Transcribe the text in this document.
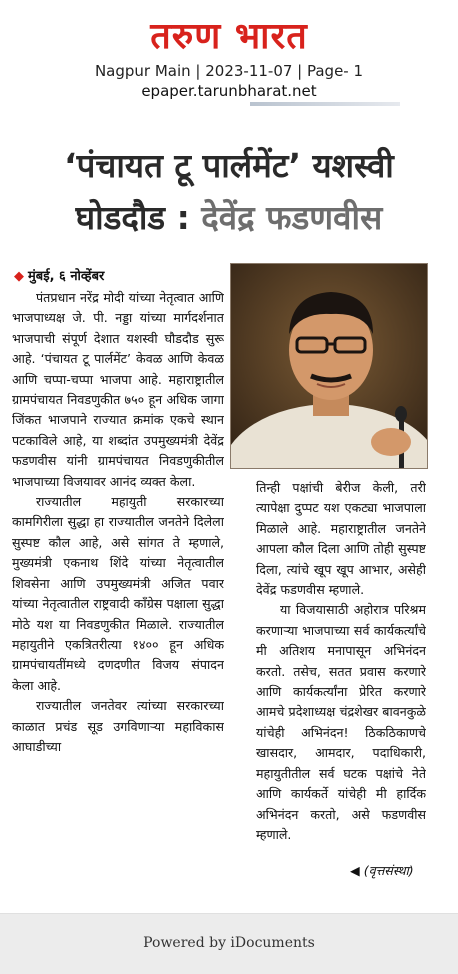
तरुण भारत
Nagpur Main | 2023-11-07 | Page- 1
epaper.tarunbharat.net
‘पंचायत टू पार्लमेंट’ यशस्वी घोडदौड : देवेंद्र फडणवीस
◆ मुंबई, ६ नोव्हेंबर

पंतप्रधान नरेंद्र मोदी यांच्या नेतृत्वात आणि भाजपाध्यक्ष जे. पी. नड्डा यांच्या मार्गदर्शनात भाजपाची संपूर्ण देशात यशस्वी घौडदौड सुरू आहे. ‘पंचायत टू पार्लमेंट’ केवळ आणि केवळ आणि चप्पा-चप्पा भाजपा आहे. महाराष्ट्रातील ग्रामपंचायत निवडणुकीत ७५० हून अधिक जागा जिंकत भाजपाने राज्यात क्रमांक एकचे स्थान पटकाविले आहे, या शब्दांत उपमुख्यमंत्री देवेंद्र फडणवीस यांनी ग्रामपंचायत निवडणुकीतील भाजपाच्या विजयावर आनंद व्यक्त केला.

राज्यातील महायुती सरकारच्या कामगिरीला सुद्धा हा राज्यातील जनतेने दिलेला सुस्पष्ट कौल आहे, असे सांगत ते म्हणाले, मुख्यमंत्री एकनाथ शिंदे यांच्या नेतृत्वातील शिवसेना आणि उपमुख्यमंत्री अजित पवार यांच्या नेतृत्वातील राष्ट्रवादी काँग्रेस पक्षाला सुद्धा मोठे यश या निवडणुकीत मिळाले. राज्यातील महायुतीने एकत्रितरीत्या १४०० हून अधिक ग्रामपंचायतींमध्ये दणदणीत विजय संपादन केला आहे.

राज्यातील जनतेवर त्यांच्या सरकारच्या काळात प्रचंड सूड उगविणाऱ्या महाविकास आघाडीच्या

तिन्ही पक्षांची बेरीज केली, तरी त्यापेक्षा दुप्पट यश एकट्या भाजपाला मिळाले आहे. महाराष्ट्रातील जनतेने आपला कौल दिला आणि तोही सुस्पष्ट दिला, त्यांचे खूप खूप आभार, असेही देवेंद्र फडणवीस म्हणाले.

या विजयासाठी अहोरात्र परिश्रम करणाऱ्या भाजपाच्या सर्व कार्यकर्त्यांचे मी अतिशय मनापासून अभिनंदन करतो. तसेच, सतत प्रवास करणारे आणि कार्यकर्त्यांना प्रेरित करणारे आमचे प्रदेशाध्यक्ष चंद्रशेखर बावनकुळे यांचेही अभिनंदन! ठिकठिकाणचे खासदार, आमदार, पदाधिकारी, महायुतीतील सर्व घटक पक्षांचे नेते आणि कार्यकर्ते यांचेही मी हार्दिक अभिनंदन करतो, असे फडणवीस म्हणाले.

◀ (वृत्तसंस्था)
Powered by iDocuments
